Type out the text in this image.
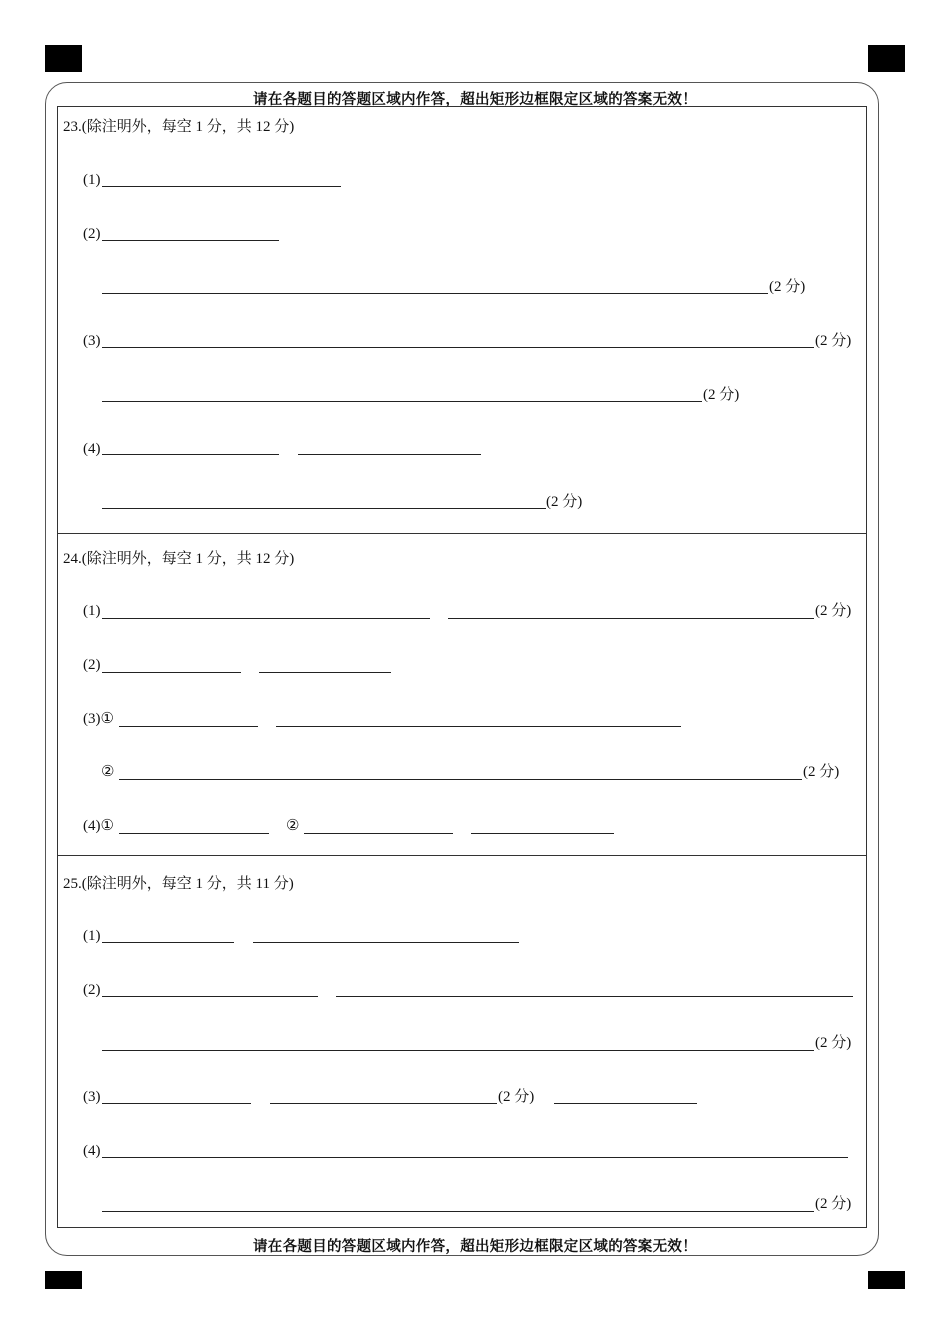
请在各题目的答题区域内作答，超出矩形边框限定区域的答案无效！
请在各题目的答题区域内作答，超出矩形边框限定区域的答案无效！
23.(除注明外，每空 1 分，共 12 分)
(1)
(2)
(2 分)
(3)	(2 分)
(2 分)
(4)
(2 分)
24.(除注明外，每空 1 分，共 12 分)
(1)	(2 分)
(2)
(3)①
②	(2 分)
(4)①	②
25.(除注明外，每空 1 分，共 11 分)
(1)
(2)
(2 分)
(3)	(2 分)
(4)
(2 分)
